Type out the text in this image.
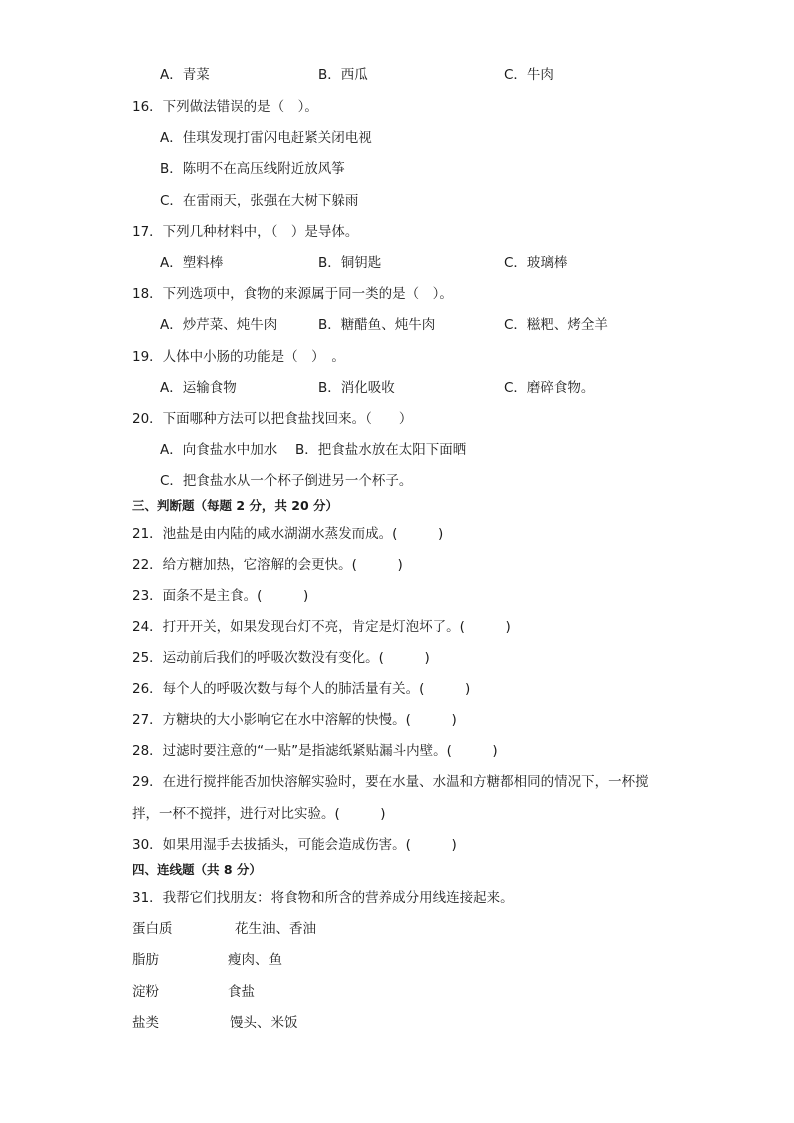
A．青菜	B．西瓜	C．牛肉
16．下列做法错误的是（　）。
A．佳琪发现打雷闪电赶紧关闭电视
B．陈明不在高压线附近放风筝
C．在雷雨天，张强在大树下躲雨
17．下列几种材料中，（　）是导体。
A．塑料棒	B．铜钥匙	C．玻璃棒
18．下列选项中，食物的来源属于同一类的是（　）。
A．炒芹菜、炖牛肉	B．糖醋鱼、炖牛肉	C．糍粑、烤全羊
19．人体中小肠的功能是（　）　。
A．运输食物	B．消化吸收	C．磨碎食物。
20．下面哪种方法可以把食盐找回来。（　　）
A．向食盐水中加水　 B．把食盐水放在太阳下面晒
C．把食盐水从一个杯子倒进另一个杯子。
三、判断题（每题 2 分，共 20 分）
21．池盐是由内陆的咸水湖湖水蒸发而成。(　　　)
22．给方糖加热，它溶解的会更快。(　　　)
23．面条不是主食。(　　　)
24．打开开关，如果发现台灯不亮，肯定是灯泡坏了。(　　　)
25．运动前后我们的呼吸次数没有变化。(　　　)
26．每个人的呼吸次数与每个人的肺活量有关。(　　　)
27．方糖块的大小影响它在水中溶解的快慢。(　　　)
28．过滤时要注意的“一贴”是指滤纸紧贴漏斗内壁。(　　　)
29．在进行搅拌能否加快溶解实验时，要在水量、水温和方糖都相同的情况下，一杯搅
拌，一杯不搅拌，进行对比实验。(　　　)
30．如果用湿手去拔插头，可能会造成伤害。(　　　)
四、连线题（共 8 分）
31．我帮它们找朋友：将食物和所含的营养成分用线连接起来。
蛋白质	花生油、香油
脂肪	瘦肉、鱼
淀粉	食盐
盐类	馒头、米饭
